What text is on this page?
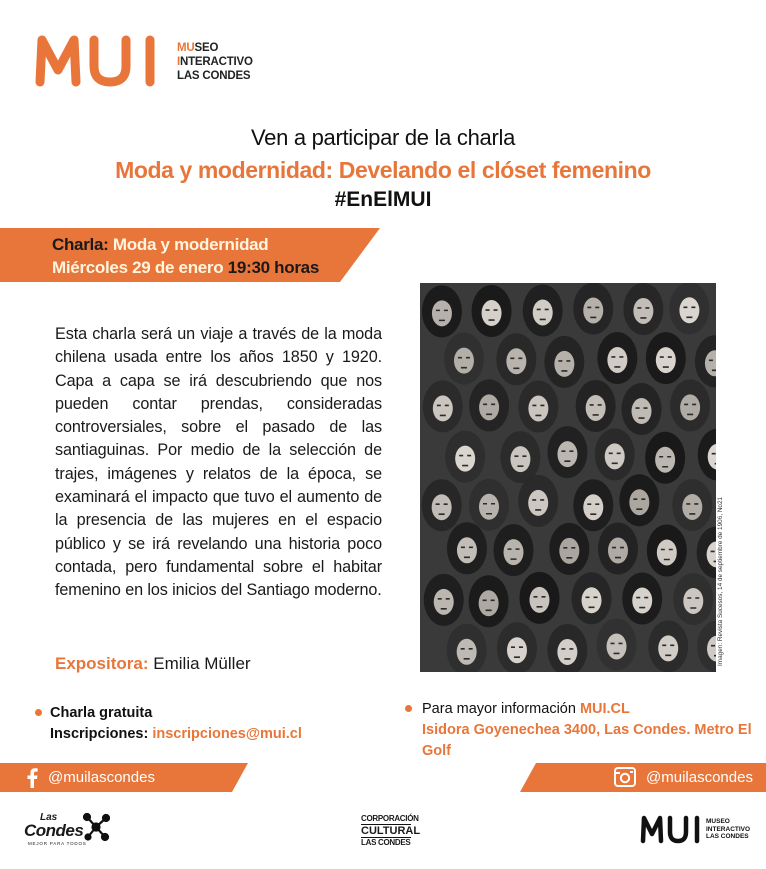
MUSEO
INTERACTIVO
LAS CONDES
Ven a participar de la charla
Moda y modernidad: Develando el clóset femenino
#EnElMUI
Charla: Moda y modernidad
Miércoles 29 de enero 19:30 horas
Esta charla será un viaje a través de la moda chilena usada entre los años 1850 y 1920. Capa a capa se irá descubriendo que nos pueden contar prendas, consideradas controversiales, sobre el pasado de las santiaguinas. Por medio de la selección de trajes, imágenes y relatos de la época, se examinará el impacto que tuvo el aumento de la presencia de las mujeres en el espacio público y se irá revelando una historia poco contada, pero fundamental sobre el habitar femenino en los inicios del Santiago moderno.
Expositora: Emilia Müller	Imagen: Revista Sucesos, 14 de septiembre de 1906, No21
Charla gratuita
Inscripciones: inscripciones@mui.cl
Para mayor información MUI.CL
Isidora Goyenechea 3400, Las Condes. Metro El Golf
@muilascondes	@muilascondes
Las
Condes
MEJOR PARA TODOS
CORPORACIÓN
CULTURAL
LAS CONDES
MUSEO
INTERACTIVO
LAS CONDES
